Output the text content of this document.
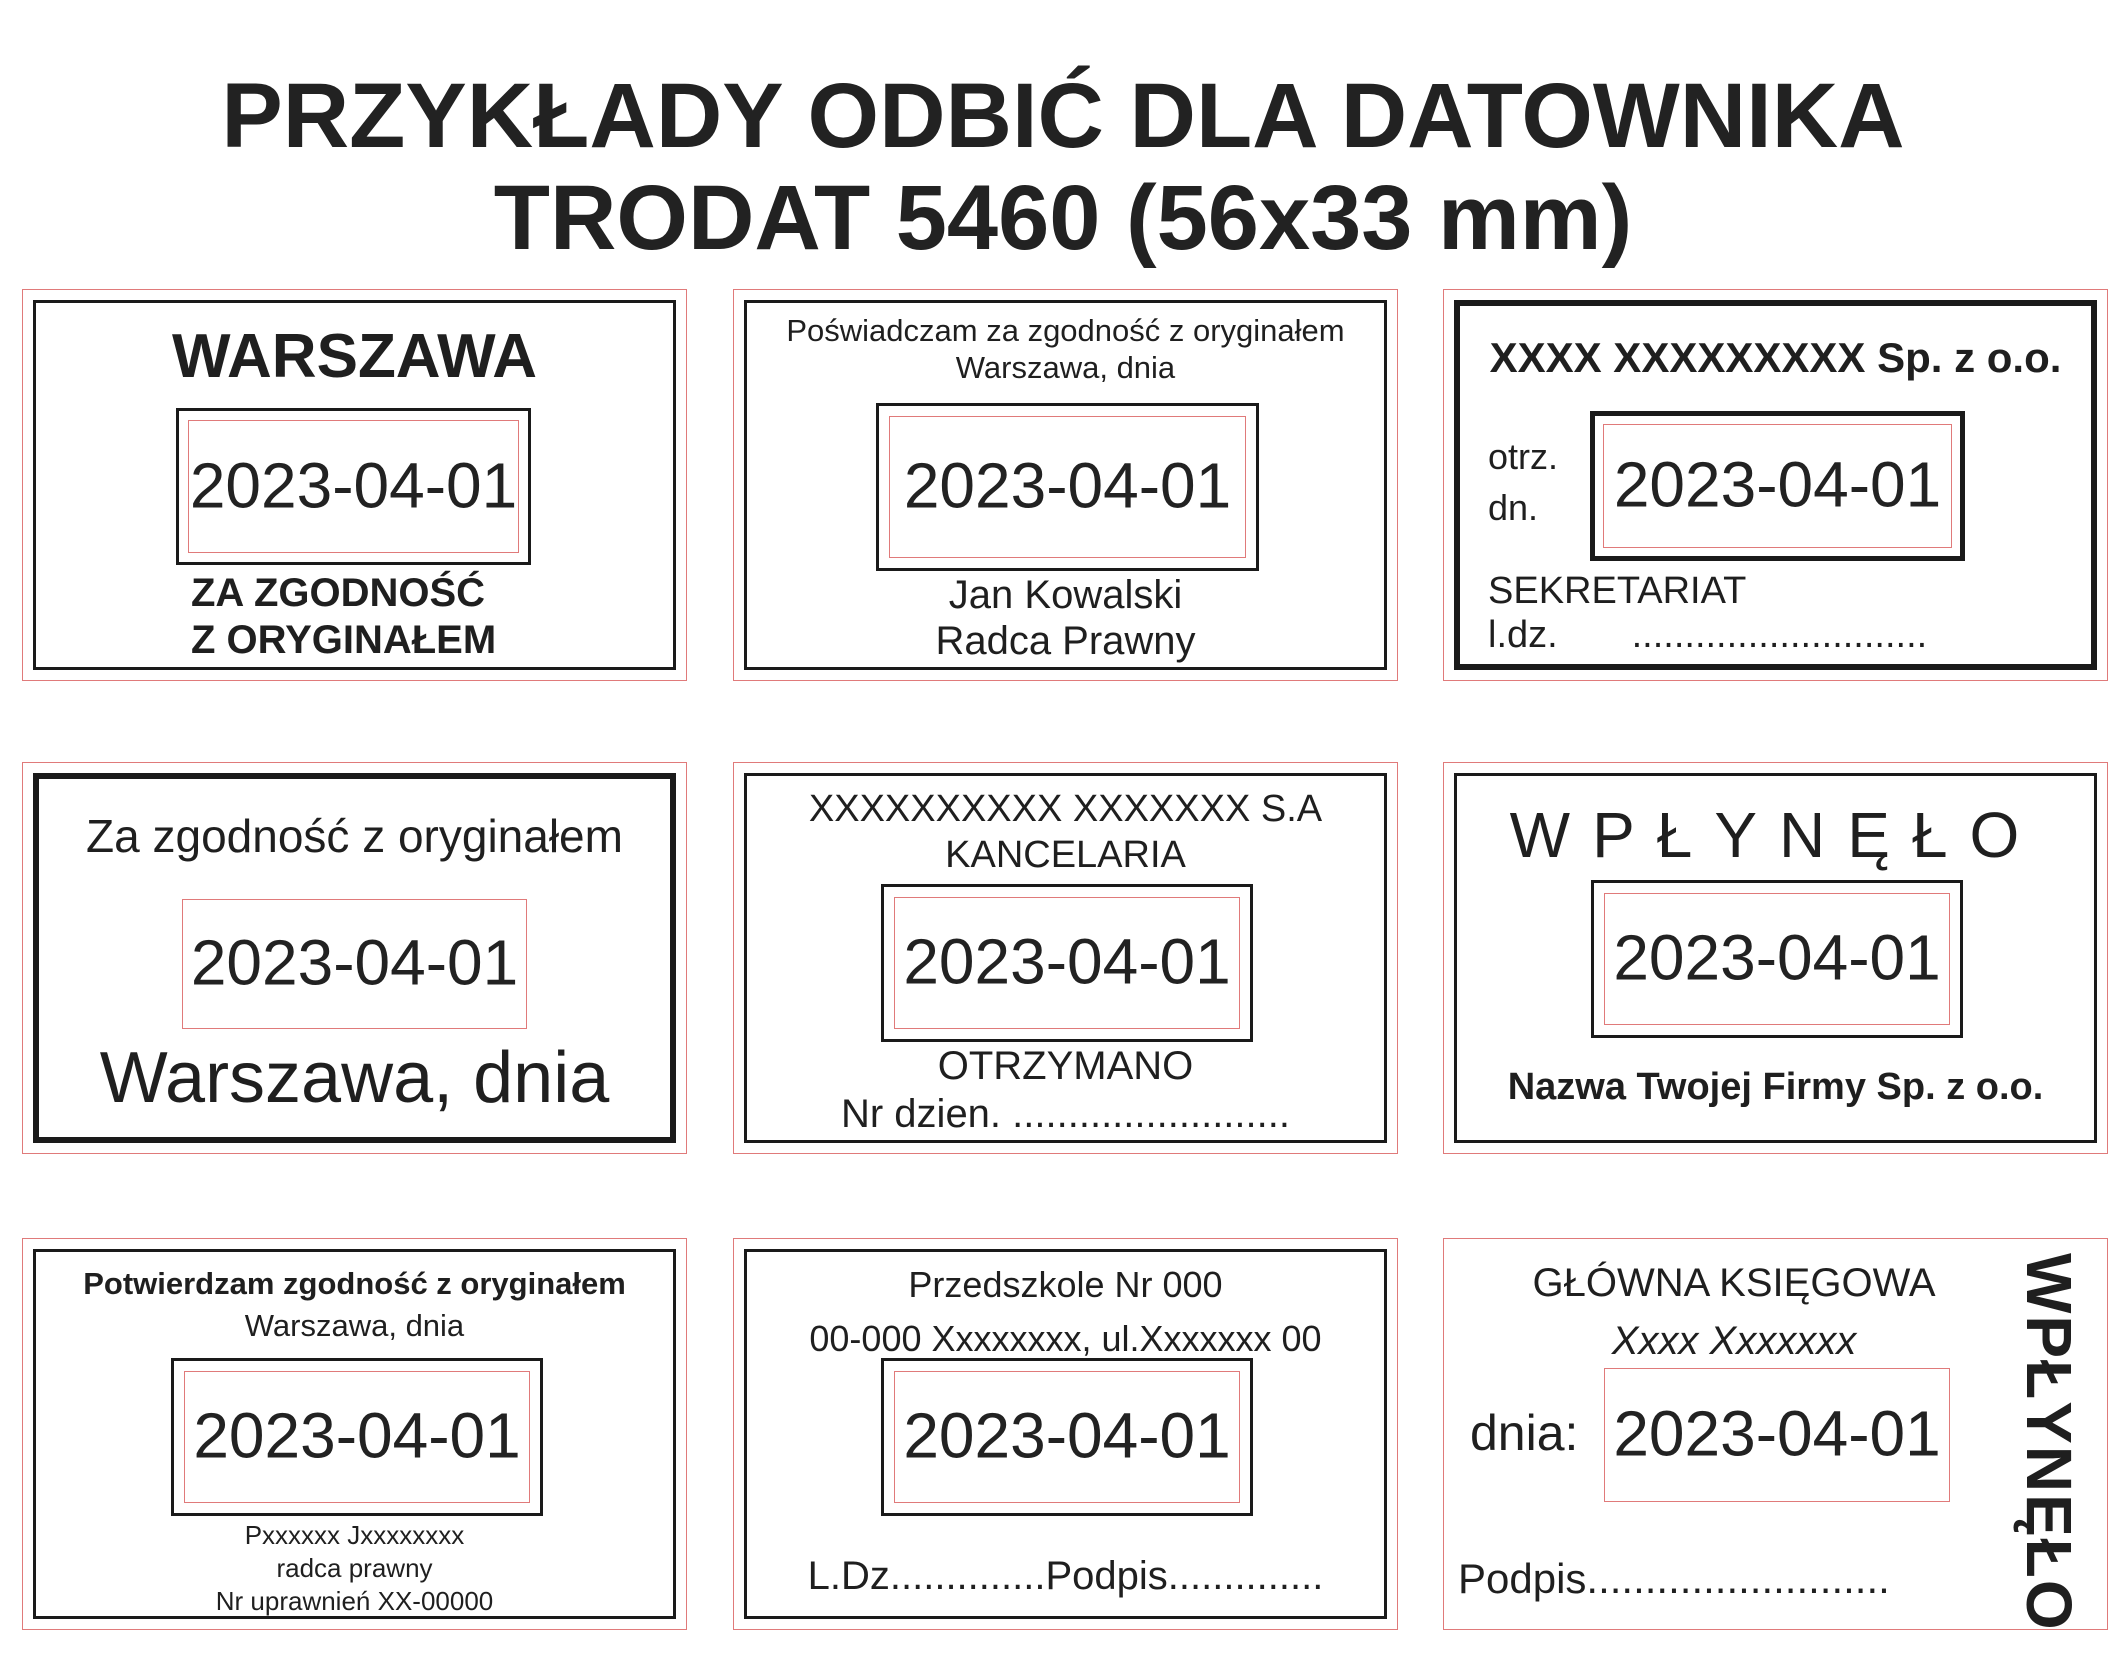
PRZYKŁADY ODBIĆ DLA DATOWNIKA
TRODAT 5460 (56x33 mm)

WARSZAWA

2023-04-01

ZA ZGODNOŚĆ

Z ORYGINAŁEM

Poświadczam za zgodność z oryginałem

Warszawa, dnia

2023-04-01

Jan Kowalski

Radca Prawny

XXXX XXXXXXXXX Sp. z o.o.

otrz.

dn. 2023-04-01

SEKRETARIAT

l.dz.       ............................

Za zgodność z oryginałem

2023-04-01

Warszawa, dnia

XXXXXXXXXX XXXXXXX S.A

KANCELARIA

2023-04-01

OTRZYMANO

Nr dzien. .........................

WPŁYNĘŁO

2023-04-01

Nazwa Twojej Firmy Sp. z o.o.

Potwierdzam zgodność z oryginałem

Warszawa, dnia

2023-04-01

Pxxxxxx Jxxxxxxxx

radca prawny

Nr uprawnień XX-00000

Przedszkole Nr 000

00-000 Xxxxxxxx, ul.Xxxxxxx 00

2023-04-01

L.Dz..............Podpis..............

GŁÓWNA KSIĘGOWA

Xxxx Xxxxxxx

dnia: 2023-04-01

Podpis.......................... WPŁYNĘŁO
